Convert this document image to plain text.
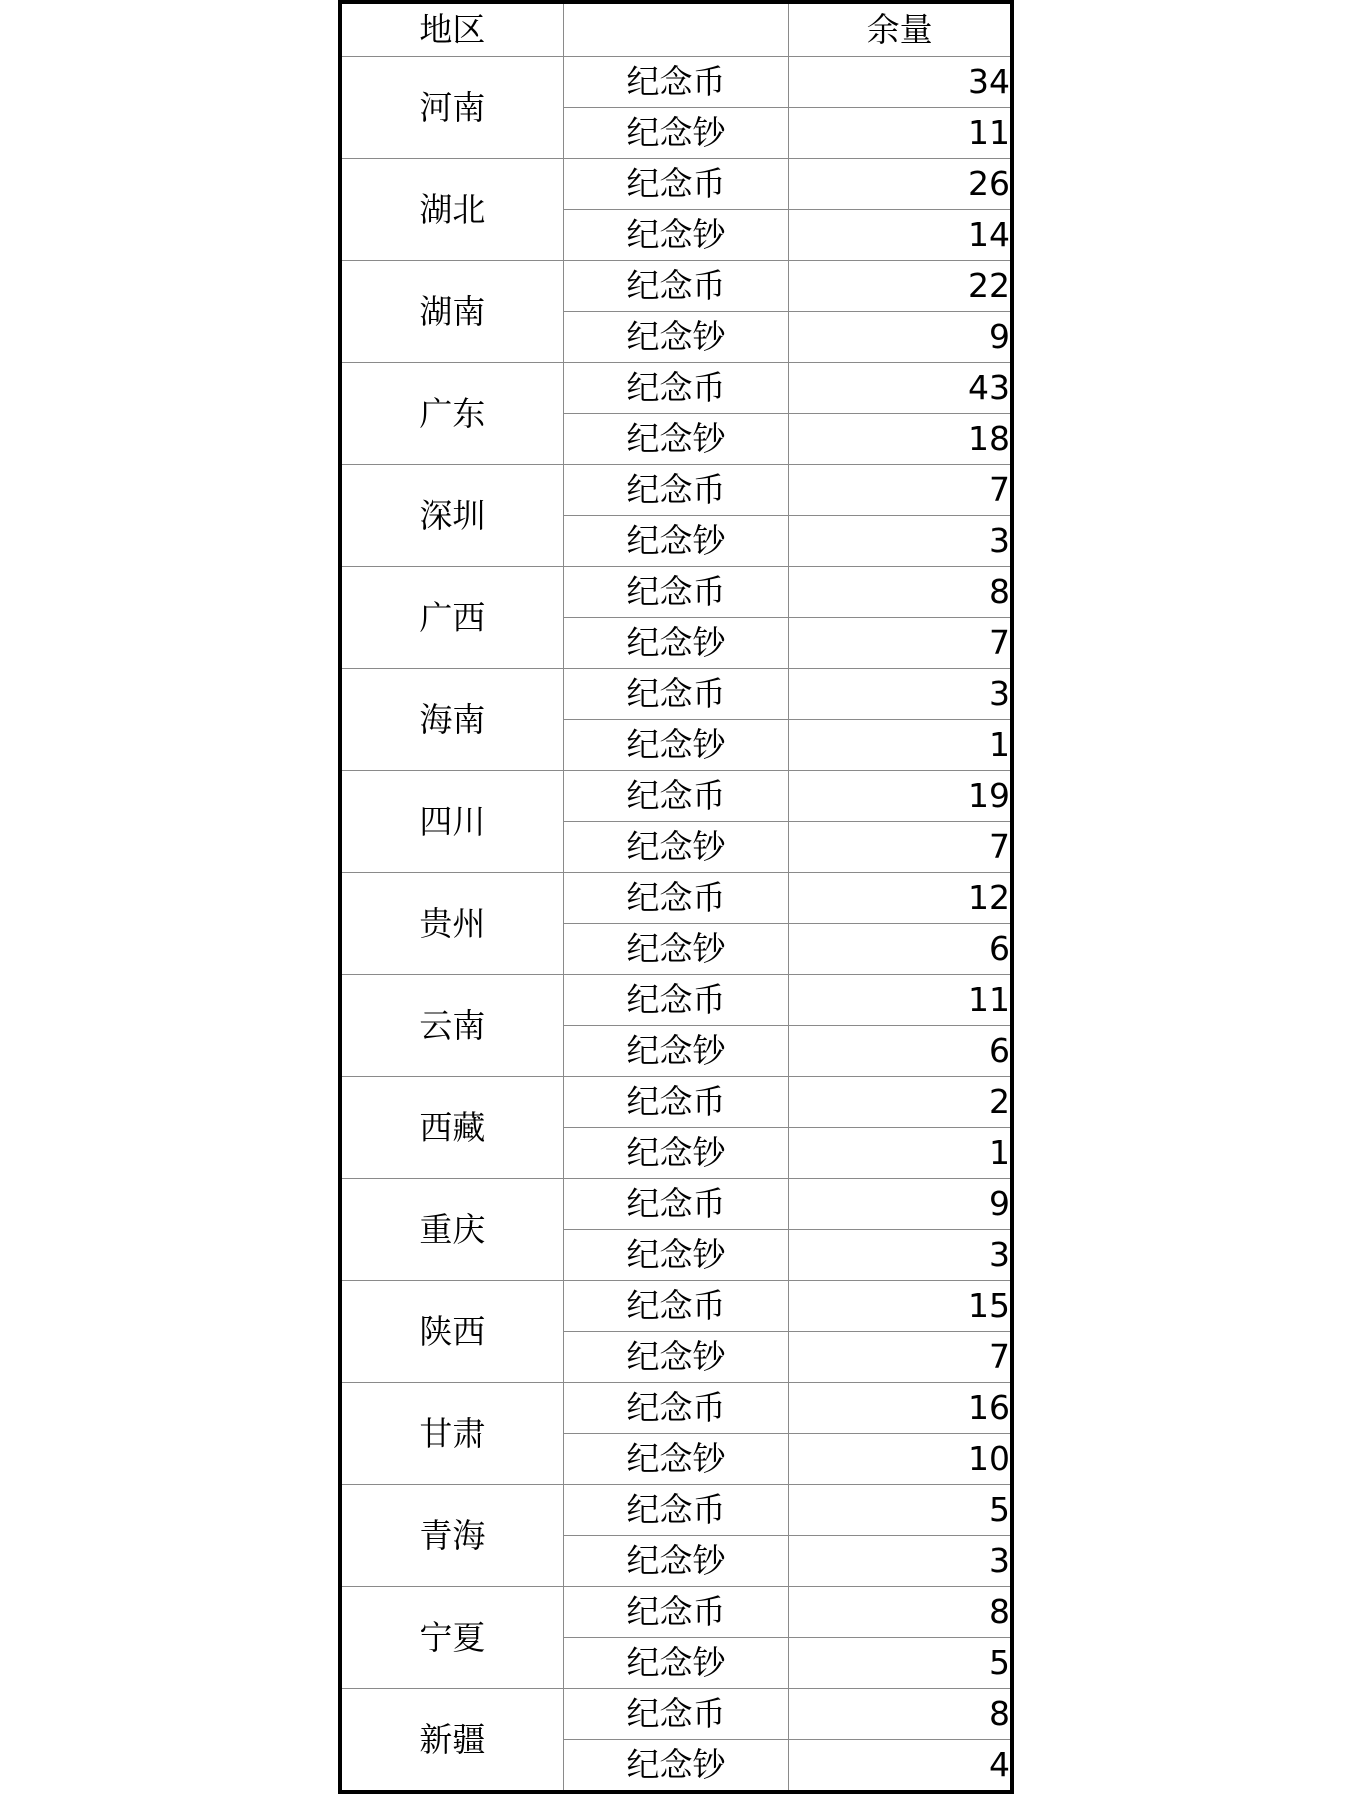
地区		余量
河南	纪念币	34
	纪念钞	11
湖北	纪念币	26
	纪念钞	14
湖南	纪念币	22
	纪念钞	9
广东	纪念币	43
	纪念钞	18
深圳	纪念币	7
	纪念钞	3
广西	纪念币	8
	纪念钞	7
海南	纪念币	3
	纪念钞	1
四川	纪念币	19
	纪念钞	7
贵州	纪念币	12
	纪念钞	6
云南	纪念币	11
	纪念钞	6
西藏	纪念币	2
	纪念钞	1
重庆	纪念币	9
	纪念钞	3
陕西	纪念币	15
	纪念钞	7
甘肃	纪念币	16
	纪念钞	10
青海	纪念币	5
	纪念钞	3
宁夏	纪念币	8
	纪念钞	5
新疆	纪念币	8
	纪念钞	4
